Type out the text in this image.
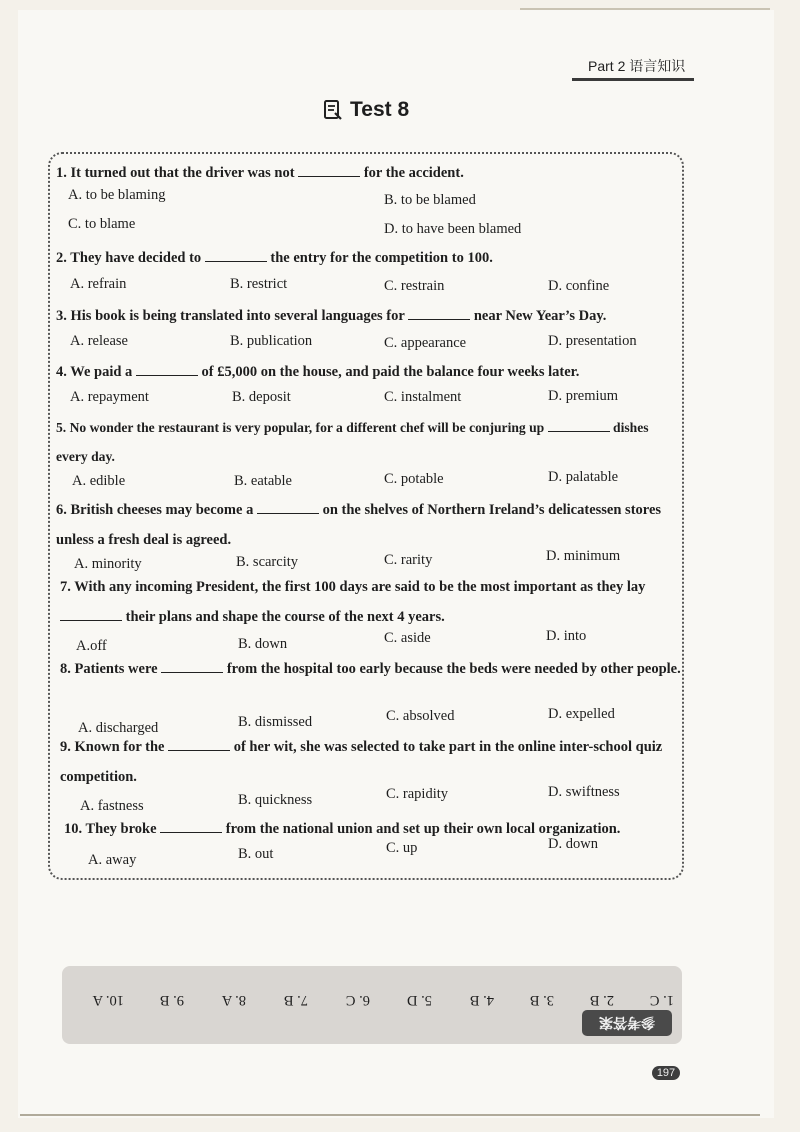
Part 2 语言知识
Test 8
1. It turned out that the driver was not	for the accident.
A. to be blaming	B. to be blamed
C. to blame	D. to have been blamed
2. They have decided to	the entry for the competition to 100.
A. refrain	B. restrict	C. restrain	D. confine
3. His book is being translated into several languages for	near New Year’s Day.
A. release	B. publication	C. appearance	D. presentation
4. We paid a	of £5,000 on the house, and paid the balance four weeks later.
A. repayment	B. deposit	C. instalment	D. premium
5. No wonder the restaurant is very popular, for a different chef will be conjuring up	dishes every day.
A. edible	B. eatable	C. potable	D. palatable
6. British cheeses may become a	on the shelves of Northern Ireland’s delicatessen stores unless a fresh deal is agreed.
A. minority	B. scarcity	C. rarity	D. minimum
7. With any incoming President, the first 100 days are said to be the most important as they lay  their plans and shape the course of the next 4 years.
A.off	B. down	C. aside	D. into
8. Patients were	from the hospital too early because the beds were needed by other people.
A. discharged	B. dismissed	C. absolved	D. expelled
9. Known for the	of her wit, she was selected to take part in the online inter-school quiz competition.
A. fastness	B. quickness	C. rapidity	D. swiftness
10. They broke	from the national union and set up their own local organization.
A. away	B. out	C. up	D. down
1. C
2. B
3. B
4. B
5. D
6. C
7. B
8. A
9. B
10. A
参考答案
197
